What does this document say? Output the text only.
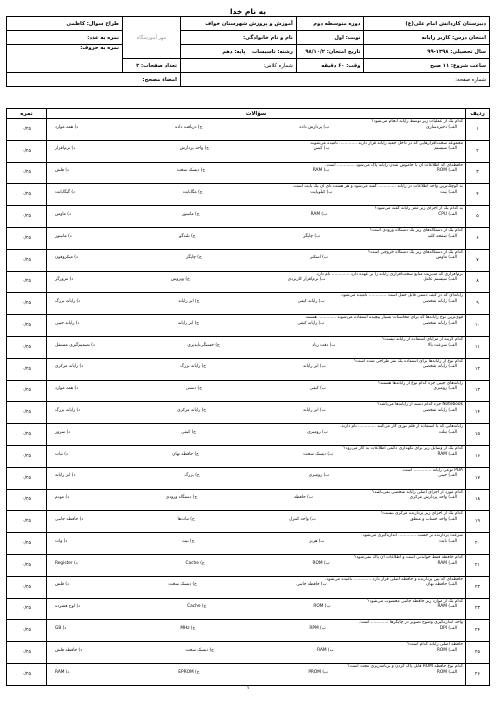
به نام خدا
دبیرستان کاردانش امام علی(ع)	دوره متوسطه دوم	آموزش و پرورش شهرستان خواف	مهر آموزشگاه	طراح سوال: کاظمی
امتحان درس: کاربر رایانه	نوبت: اول	نام و نام خانوادگی:		نمره به عدد:
سال تحصیلی: ۱۳۹۸-۹۹	تاریخ امتحان: ۹۸/۱۰/۲	رشته: تاسیسات    پایه: دهم		نمره به حروف:
ساعت شروع: ۱۱ صبح	وقت: ۶۰ دقیقه	شماره کلاس:	تعداد صفحات: ۲	
شماره صفحه:			امضاء مصحح:	
ردیف	سؤالات	نمره
۱	کدام یک از عملیات زیر توسط رایانه انجام می‌شود؟
الف) ذخیره‌سازی
ب) پردازش داده
ج) دریافت داده
د) همه موارد	۰/۲۵
۲	مجموعه سخت‌افزارهایی که در داخل جعبه رایانه قرار دارند ............. نامیده می‌شوند.
الف) سیستم
ب) کیس
ج) واحد پردازش
د) نرم‌افزار	۰/۲۵
۳	حافظه‌ای که اطلاعات آن با خاموش شدن رایانه پاک می‌شود ............. است.
الف) ROM
ب) RAM
ج) دیسک سخت
د) فلش	۰/۲۵
۴	به کوچک‌ترین واحد اطلاعات در رایانه ............. گفته می‌شود و هر هشت تای آن یک بایت است.
الف) بیت
ب) کیلوبایت
ج) مگابایت
د) گیگابایت	۰/۲۵
۵	به کدام یک از اجزای زیر مغز رایانه گفته می‌شود؟
الف) CPU
ب) RAM
ج) مانیتور
د) ماوس	۰/۲۵
۶	کدام یک از دستگاه‌های زیر یک دستگاه ورودی است؟
الف) صفحه کلید
ب) چاپگر
ج) بلندگو
د) مانیتور	۰/۲۵
۷	کدام یک از دستگاه‌های زیر یک دستگاه خروجی است؟
الف) ماوس
ب) اسکنر
ج) چاپگر
د) میکروفون	۰/۲۵
۸	نرم‌افزاری که مدیریت منابع سخت‌افزاری رایانه را بر عهده دارد ............. نام دارد.
الف) سیستم عامل
ب) نرم‌افزار کاربردی
ج) ویروس
د) مرورگر	۰/۲۵
۹	رایانه‌ای که در کیف دستی قابل حمل است ............. نامیده می‌شود.
الف) رایانه شخصی
ب) رایانه کیفی
ج) ابر رایانه
د) رایانه بزرگ	۰/۲۵
۱۰	قوی‌ترین نوع رایانه‌ها که برای محاسبات بسیار پیچیده استفاده می‌شوند ............. هستند.
الف) رایانه شخصی
ب) رایانه کیفی
ج) ابر رایانه
د) رایانه جیبی	۰/۲۵
۱۱	کدام گزینه از مزایای استفاده از رایانه نیست؟
الف) سرعت بالا
ب) دقت زیاد
ج) خستگی‌ناپذیری
د) تصمیم‌گیری مستقل	۰/۲۵
۱۲	کدام نوع از رایانه‌ها برای استفاده یک نفر طراحی شده است؟
الف) رایانه شخصی
ب) ابر رایانه
ج) رایانه بزرگ
د) رایانه مرکزی	۰/۲۵
۱۳	رایانه‌های جیبی جزء کدام نوع از رایانه‌ها هستند؟
الف) رومیزی
ب) کیفی
ج) دستی
د) همه موارد	۰/۲۵
۱۴	Notebook جزء کدام دسته از رایانه‌ها می‌باشد؟
الف) رایانه شخصی
ب) ابر رایانه
ج) رایانه مرکزی
د) رایانه بزرگ	۰/۲۵
۱۵	رایانه‌هایی که با استفاده از قلم نوری کار می‌کنند ............. نام دارند.
الف) تبلت
ب) رومیزی
ج) کیفی
د) سرور	۰/۲۵
۱۶	کدام یک از وسایل زیر برای نگهداری دائمی اطلاعات به کار می‌رود؟
الف) RAM
ب) دیسک سخت
ج) حافظه نهان
د) ثبات	۰/۲۵
۱۷	PDA نوعی رایانه ............. است.
الف) جیبی
ب) رومیزی
ج) بزرگ
د) ابر رایانه	۰/۲۵
۱۸	کدام مورد از اجزای اصلی رایانه شخصی نمی‌باشد؟
الف) واحد پردازش مرکزی
ب) حافظه
ج) دستگاه ورودی
د) مودم	۰/۲۵
۱۹	کدام یک از اجزای زیر پردازنده مرکزی نیست؟
الف) واحد حساب و منطق
ب) واحد کنترل
ج) ثبات‌ها
د) حافظه جانبی	۰/۲۵
۲۰	سرعت پردازنده بر حسب ............. اندازه‌گیری می‌شود.
الف) بایت
ب) هرتز
ج) بیت
د) وات	۰/۲۵
۲۱	کدام حافظه فقط خواندنی است و اطلاعات آن پاک نمی‌شود؟
الف) RAM
ب) ROM
ج) Cache
د) Register	۰/۲۵
۲۲	حافظه‌ای که بین پردازنده و حافظه اصلی قرار دارد ............. نامیده می‌شود.
الف) حافظه نهان
ب) حافظه جانبی
ج) دیسک سخت
د) فلش	۰/۲۵
۲۳	کدام یک از موارد زیر حافظه جانبی محسوب می‌شود؟
الف) RAM
ب) ROM
ج) Cache
د) لوح فشرده	۰/۲۵
۲۴	واحد اندازه‌گیری وضوح تصویر در چاپگرها ............. است.
الف) DPI
ب) RPM
ج) MHz
د) GB	۰/۲۵
۲۵	حافظه اصلی رایانه کدام است؟
الف) ROM
ب) RAM
ج) دیسک سخت
د) حافظه فلش	۰/۲۵
۲۶	کدام نوع حافظه ROM قابل پاک کردن و برنامه‌ریزی مجدد است؟
الف) ROM
ب) PROM
ج) EPROM
د) RAM	۰/۲۵
۱
